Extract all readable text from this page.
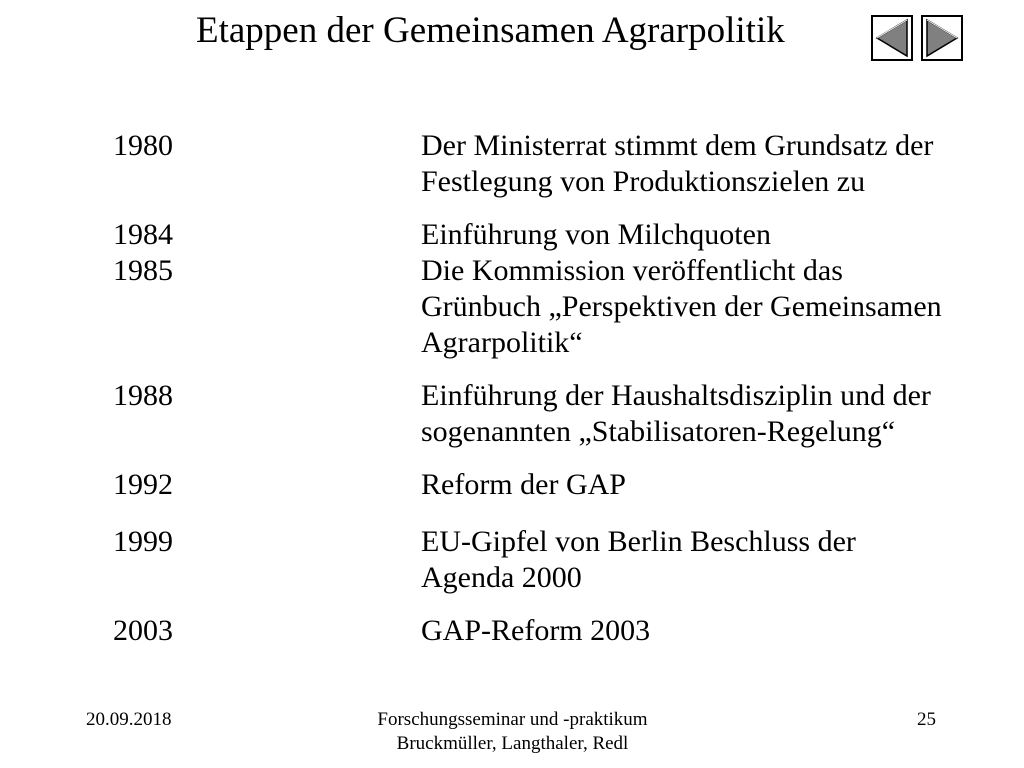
Etappen der Gemeinsamen Agrarpolitik
1980	Der Ministerrat stimmt dem Grundsatz der
Festlegung von Produktionszielen zu
1984	Einführung von Milchquoten
1985	Die Kommission veröffentlicht das
Grünbuch „Perspektiven der Gemeinsamen
Agrarpolitik“
1988	Einführung der Haushaltsdisziplin und der
sogenannten „Stabilisatoren-Regelung“
1992	Reform der GAP
1999	EU-Gipfel von Berlin Beschluss der
Agenda 2000
2003	GAP-Reform 2003
20.09.2018	Forschungsseminar und -praktikum
Bruckmüller, Langthaler, Redl
25
